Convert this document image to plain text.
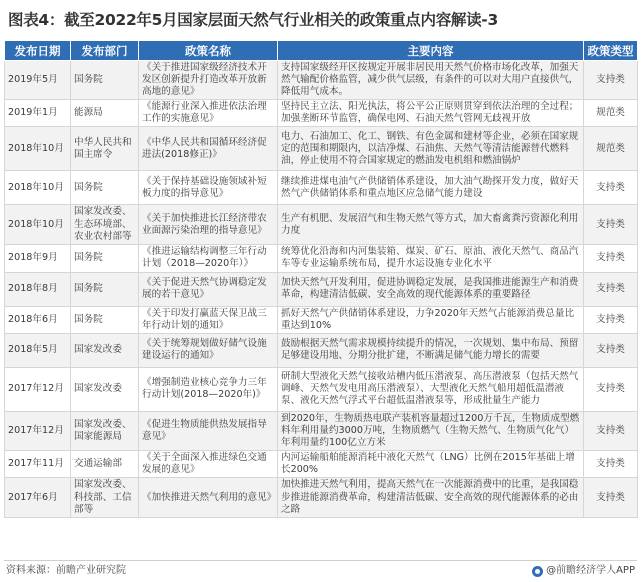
图表4：截至2022年5月国家层面天然气行业相关的政策重点内容解读-3
发布日期	发布部门	政策名称	主要内容	政策类型
2019年5月	国务院	《关于推进国家级经济技术开发区创新提升打造改革开放新高地的意见》	支持国家级经开区按规定开展非居民用天然气价格市场化改革，加强天然气输配价格监管，减少供气层级，有条件的可以对大用户直接供气，降低用气成本。	支持类
2019年1月	能源局	《能源行业深入推进依法治理工作的实施意见》	坚持民主立法、阳光执法，将公平公正原则贯穿到依法治理的全过程；加强垄断环节监管，确保电网、石油天然气管网无歧视开放	规范类
2018年10月	中华人民共和国主席令	《中华人民共和国循环经济促进法(2018修正)》	电力、石油加工、化工、钢铁、有色金属和建材等企业，必须在国家规定的范围和期限内，以洁净煤、石油焦、天然气等清洁能源替代燃料油，停止使用不符合国家规定的燃油发电机组和燃油锅炉	规范类
2018年10月	国务院	《关于保持基础设施领域补短板力度的指导意见》	继续推进煤电油气产供储销体系建设，加大油气勘探开发力度，做好天然气产供储销体系和重点地区应急储气能力建设	支持类
2018年10月	国家发改委、生态环境部、农业农村部等	《关于加快推进长江经济带农业面源污染治理的指导意见》	生产有机肥、发展沼气和生物天然气等方式，加大畜禽粪污资源化利用力度	支持类
2018年9月	国务院	《推进运输结构调整三年行动计划（2018—2020年）》	统筹优化沿海和内河集装箱、煤炭、矿石、原油、液化天然气、商品汽车等专业运输系统布局，提升水运设施专业化水平	支持类
2018年8月	国务院	《关于促进天然气协调稳定发展的若干意见》	加快天然气开发利用，促进协调稳定发展，是我国推进能源生产和消费革命，构建清洁低碳、安全高效的现代能源体系的重要路径	支持类
2018年6月	国务院	《关于印发打赢蓝天保卫战三年行动计划的通知》	抓好天然气产供储销体系建设，力争2020年天然气占能源消费总量比重达到10%	支持类
2018年5月	国家发改委	《关于统筹规划做好储气设施建设运行的通知》	鼓励根据天然气需求规模持续提升的情况，一次规划、集中布局、预留足够建设用地、分期分批扩建，不断满足储气能力增长的需要	支持类
2017年12月	国家发改委	《增强制造业核心竞争力三年行动计划(2018—2020年)》	研制大型液化天然气接收站槽内低压潜液泵、高压潜液泵（包括天然气调峰、天然气发电用高压潜液泵）、大型液化天然气船用超低温潜液泵、液化天然气浮式平台超低温潜液泵等，形成批量生产能力	支持类
2017年12月	国家发改委、国家能源局	《促进生物质能供热发展指导意见》	到2020年，生物质热电联产装机容量超过1200万千瓦，生物质成型燃料年利用量约3000万吨，生物质燃气（生物天然气、生物质气化气）年利用量约100亿立方米	支持类
2017年11月	交通运输部	《关于全面深入推进绿色交通发展的意见》	内河运输船舶能源消耗中液化天然气（LNG）比例在2015年基础上增长200%	支持类
2017年6月	国家发改委、科技部、工信部等	《加快推进天然气利用的意见》	加快推进天然气利用，提高天然气在一次能源消费中的比重，是我国稳步推进能源消费革命，构建清洁低碳、安全高效的现代能源体系的必由之路	支持类
资料来源：前瞻产业研究院	@前瞻经济学人APP
